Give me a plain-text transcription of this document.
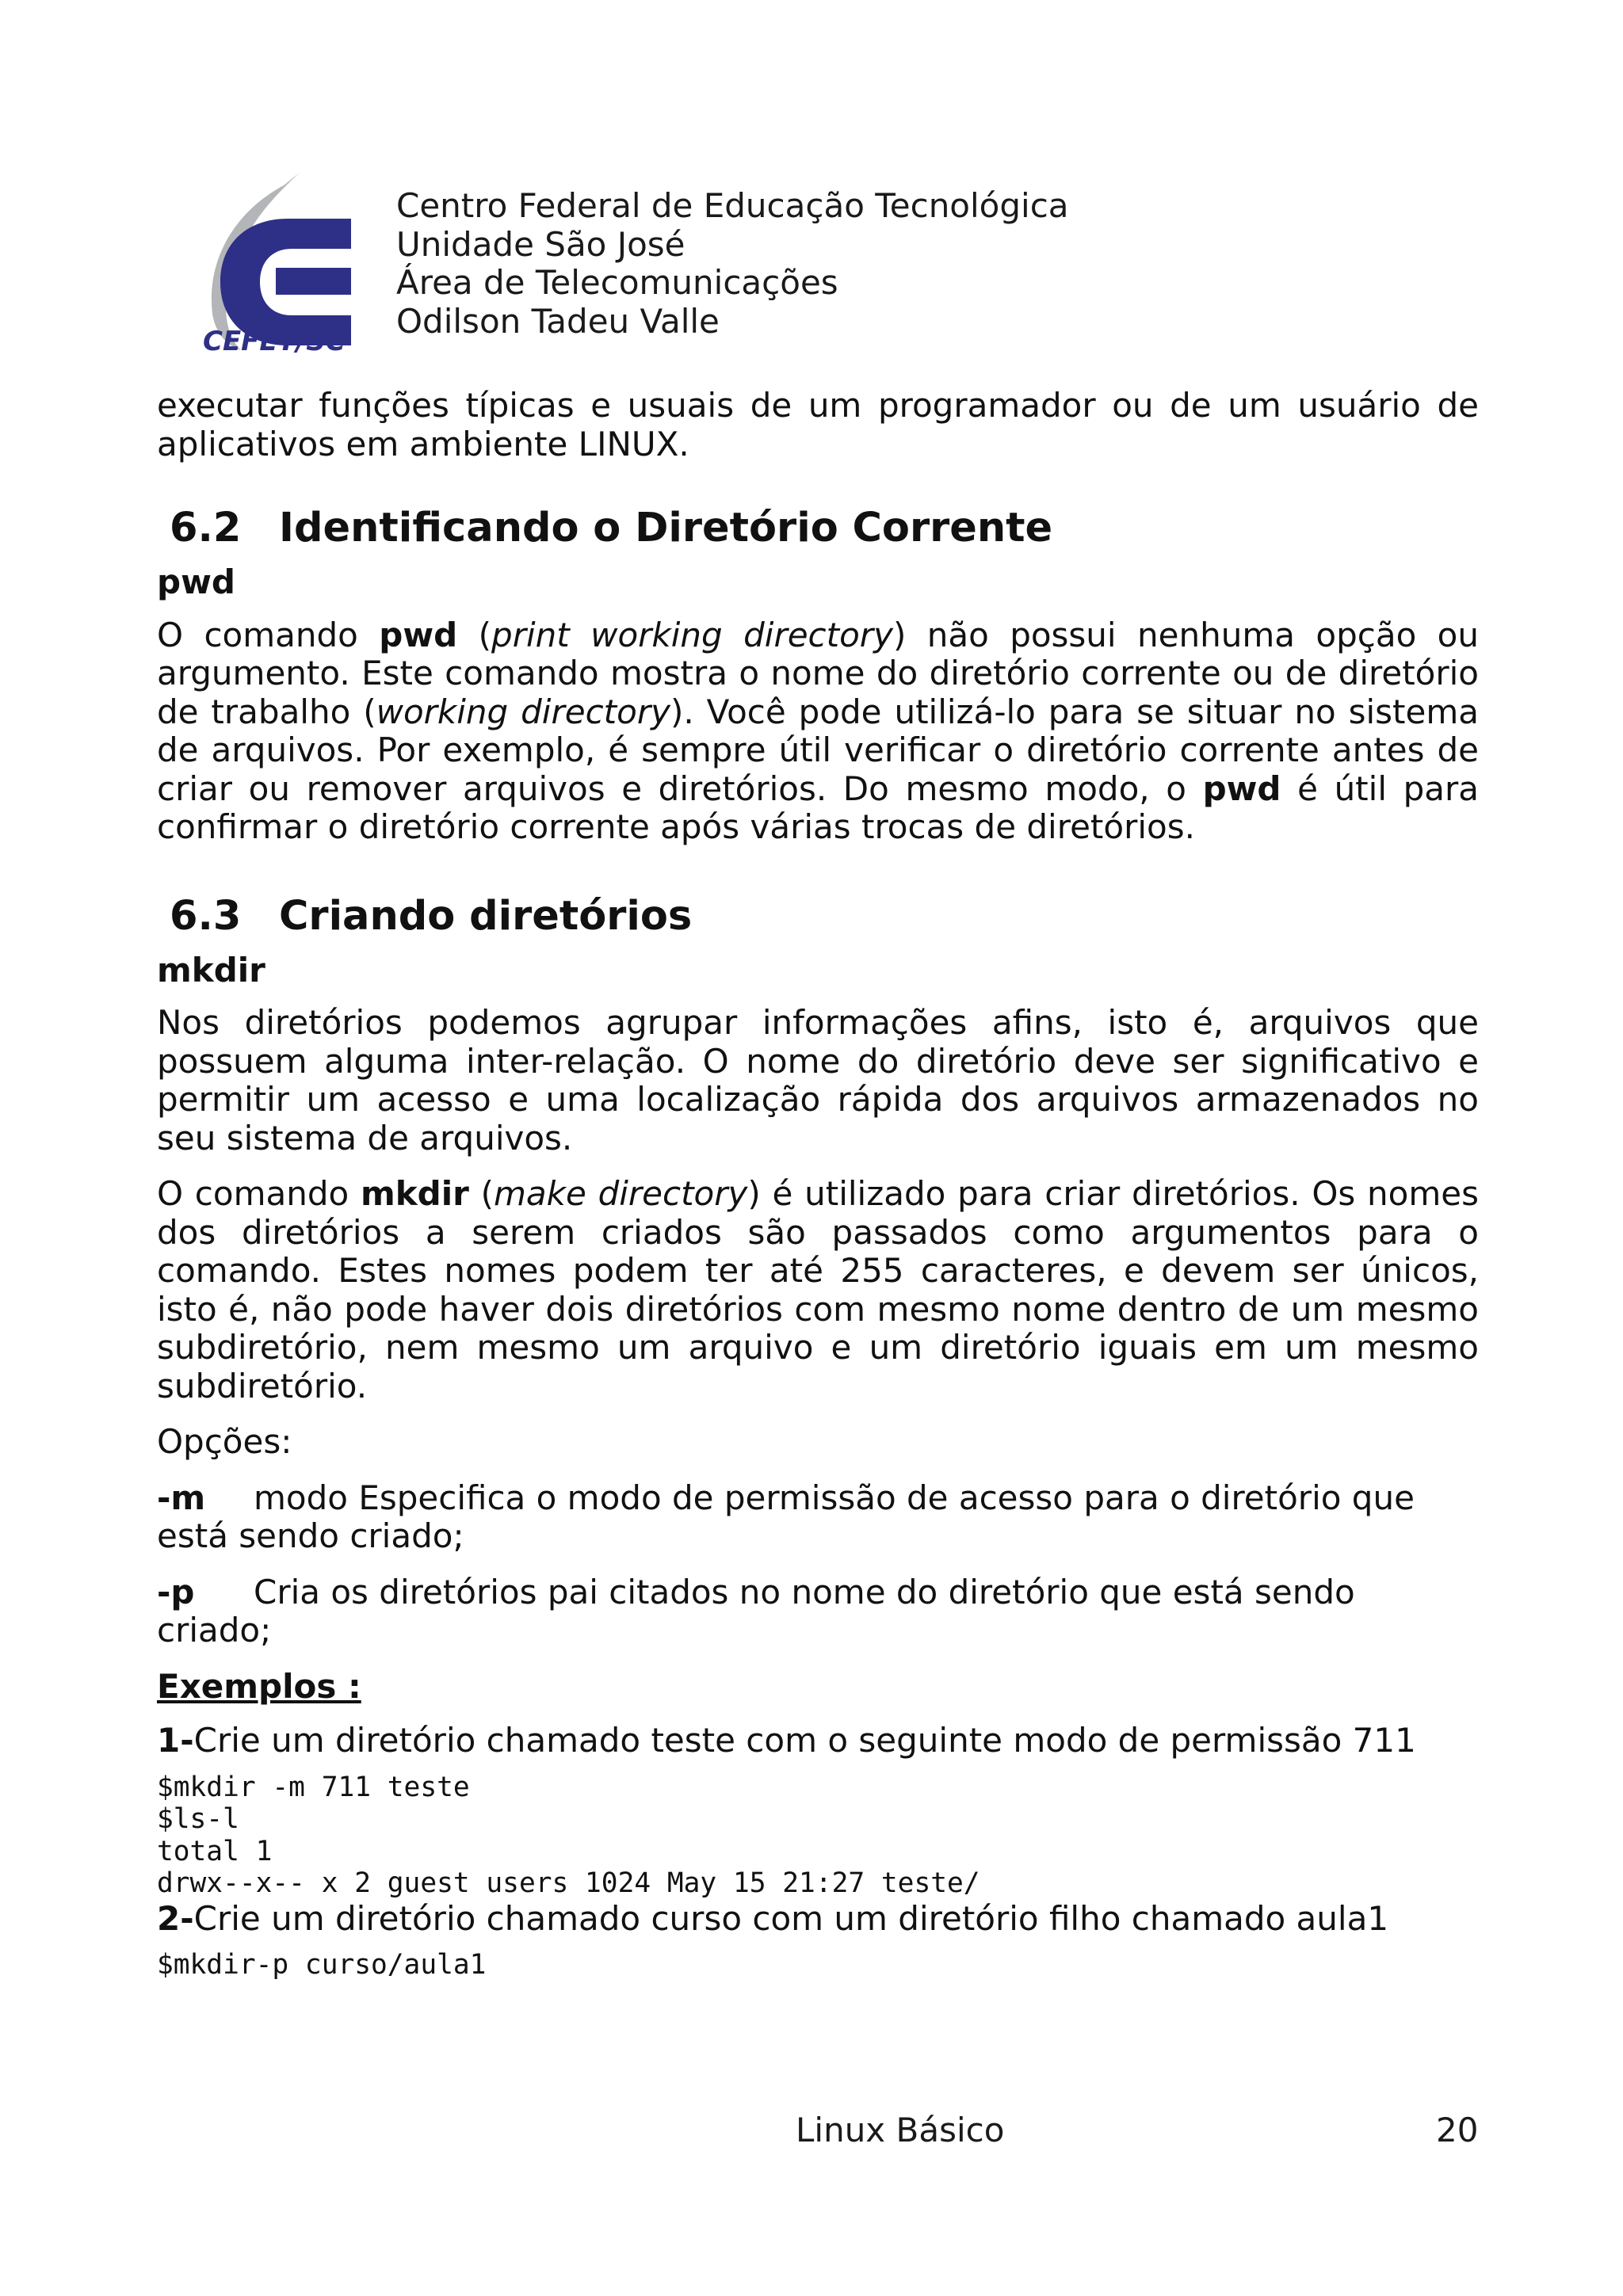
CEFET/SC
Centro Federal de Educação Tecnológica
Unidade São José
Área de Telecomunicações
Odilson Tadeu Valle

executar funções típicas e usuais de um programador ou de um usuário de aplicativos em ambiente LINUX.

6.2 Identificando o Diretório Corrente
pwd

O comando pwd (print working directory) não possui nenhuma opção ou argumento. Este comando mostra o nome do diretório corrente ou de diretório de trabalho (working directory). Você pode utilizá-lo para se situar no sistema de arquivos. Por exemplo, é sempre útil verificar o diretório corrente antes de criar ou remover arquivos e diretórios. Do mesmo modo, o pwd é útil para confirmar o diretório corrente após várias trocas de diretórios.

6.3 Criando diretórios
mkdir

Nos diretórios podemos agrupar informações afins, isto é, arquivos que possuem alguma inter-relação. O nome do diretório deve ser significativo e permitir um acesso e uma localização rápida dos arquivos armazenados no seu sistema de arquivos.

O comando mkdir (make directory) é utilizado para criar diretórios. Os nomes dos diretórios a serem criados são passados como argumentos para o comando. Estes nomes podem ter até 255 caracteres, e devem ser únicos, isto é, não pode haver dois diretórios com mesmo nome dentro de um mesmo subdiretório, nem mesmo um arquivo e um diretório iguais em um mesmo subdiretório.

Opções:

-m modo Especifica o modo de permissão de acesso para o diretório que está sendo criado;

-p Cria os diretórios pai citados no nome do diretório que está sendo criado;

Exemplos :

1-Crie um diretório chamado teste com o seguinte modo de permissão 711

$mkdir -m 711 teste
$ls-l
total 1
drwx--x-- x 2 guest users 1024 May 15 21:27 teste/

2-Crie um diretório chamado curso com um diretório filho chamado aula1

$mkdir-p curso/aula1
Linux Básico	20
